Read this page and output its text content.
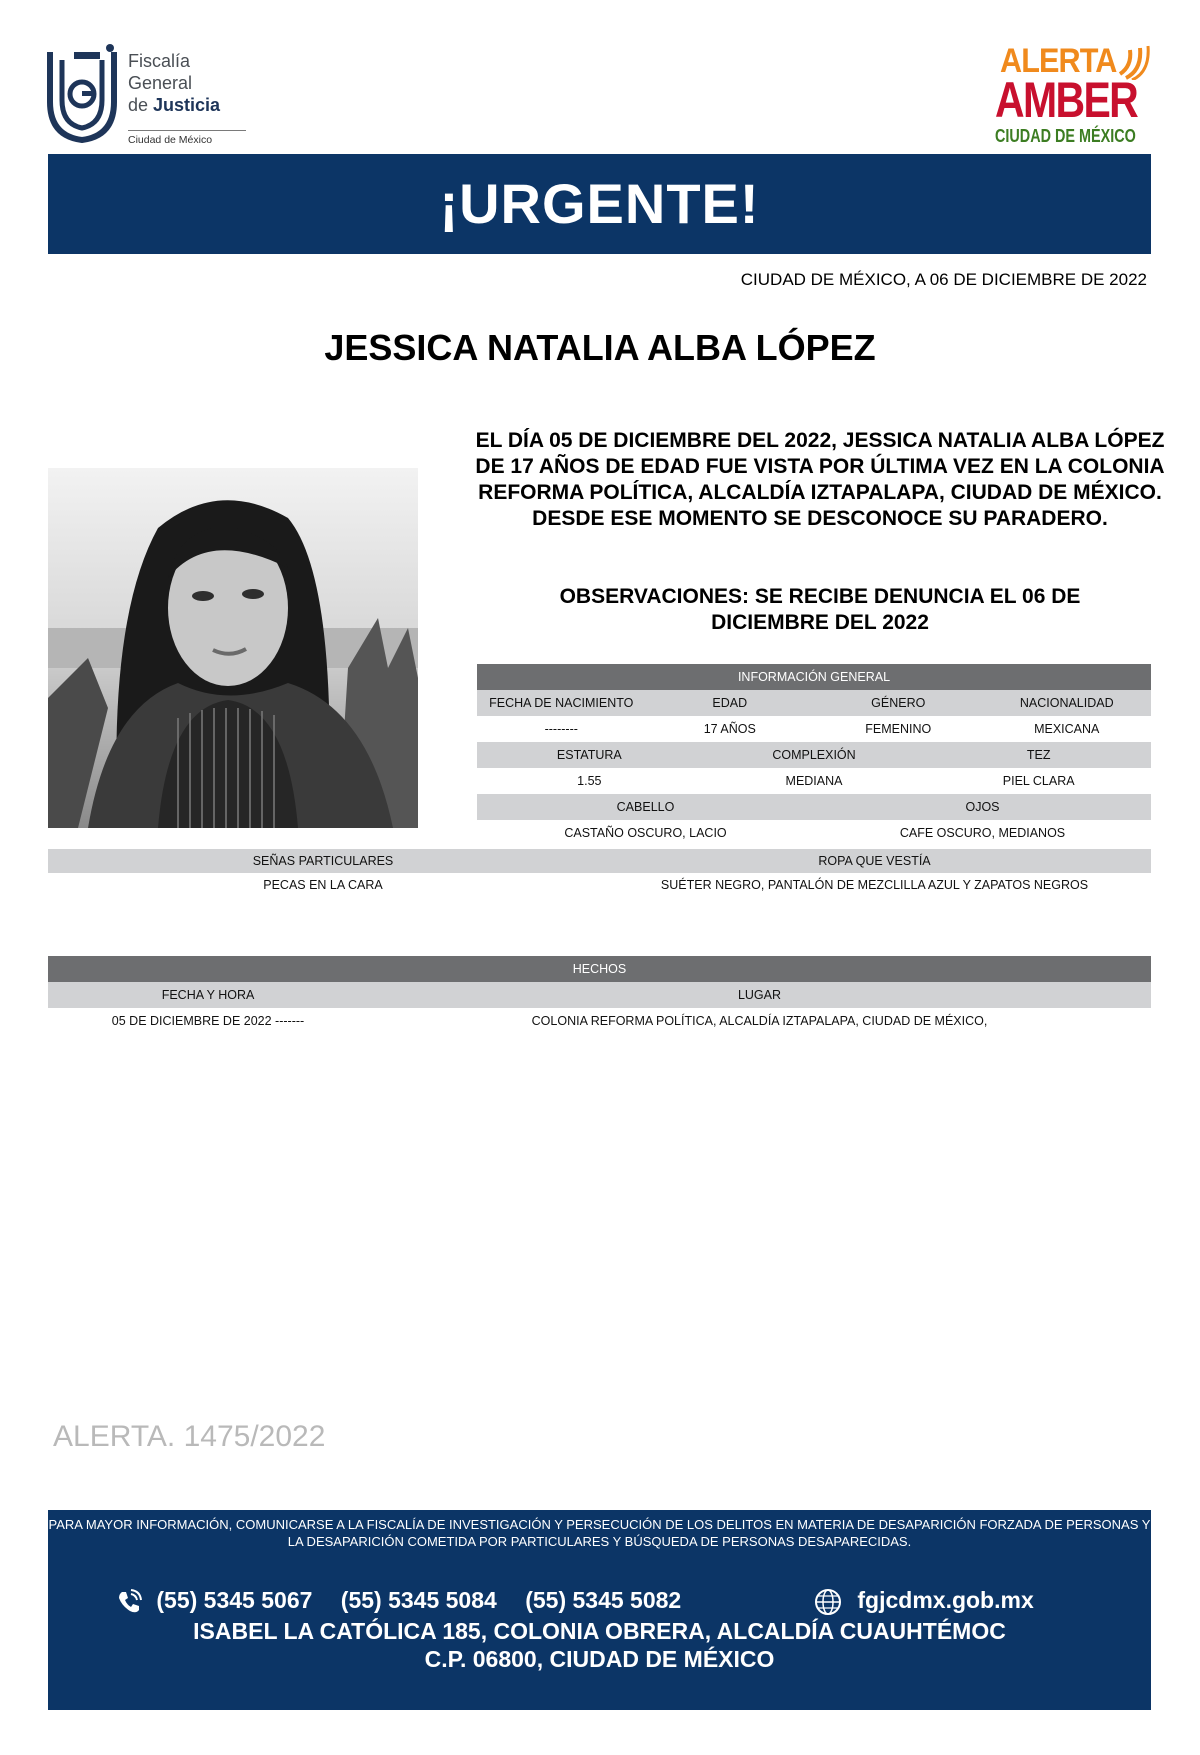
Fiscalía
General
de Justicia
Ciudad de México
ALERTA
AMBER
CIUDAD DE MÉXICO
¡URGENTE!
CIUDAD DE MÉXICO, A 06 DE DICIEMBRE DE 2022
JESSICA NATALIA ALBA LÓPEZ
EL DÍA 05 DE DICIEMBRE DEL 2022, JESSICA NATALIA ALBA LÓPEZ DE 17 AÑOS DE EDAD FUE VISTA POR ÚLTIMA VEZ EN LA COLONIA REFORMA POLÍTICA, ALCALDÍA IZTAPALAPA, CIUDAD DE MÉXICO. DESDE ESE MOMENTO SE DESCONOCE SU PARADERO.
OBSERVACIONES: SE RECIBE DENUNCIA EL 06 DE DICIEMBRE DEL 2022
INFORMACIÓN GENERAL
FECHA DE NACIMIENTO	EDAD	GÉNERO	NACIONALIDAD
--------	17 AÑOS	FEMENINO	MEXICANA
ESTATURA	COMPLEXIÓN	TEZ
1.55	MEDIANA	PIEL CLARA
CABELLO	OJOS
CASTAÑO OSCURO, LACIO	CAFE OSCURO, MEDIANOS
SEÑAS PARTICULARES	ROPA QUE VESTÍA
PECAS EN LA CARA	SUÉTER NEGRO, PANTALÓN DE MEZCLILLA AZUL Y ZAPATOS NEGROS
HECHOS
FECHA Y HORA	LUGAR
05 DE DICIEMBRE DE 2022 -------	COLONIA REFORMA POLÍTICA, ALCALDÍA IZTAPALAPA, CIUDAD DE MÉXICO,
ALERTA. 1475/2022
PARA MAYOR INFORMACIÓN, COMUNICARSE A LA FISCALÍA DE INVESTIGACIÓN Y PERSECUCIÓN DE LOS DELITOS EN MATERIA DE DESAPARICIÓN FORZADA DE PERSONAS Y LA DESAPARICIÓN COMETIDA POR PARTICULARES Y BÚSQUEDA DE PERSONAS DESAPARECIDAS.
(55) 5345 5067 (55) 5345 5084 (55) 5345 5082	fgjcdmx.gob.mx
ISABEL LA CATÓLICA 185, COLONIA OBRERA, ALCALDÍA CUAUHTÉMOC
C.P. 06800, CIUDAD DE MÉXICO
